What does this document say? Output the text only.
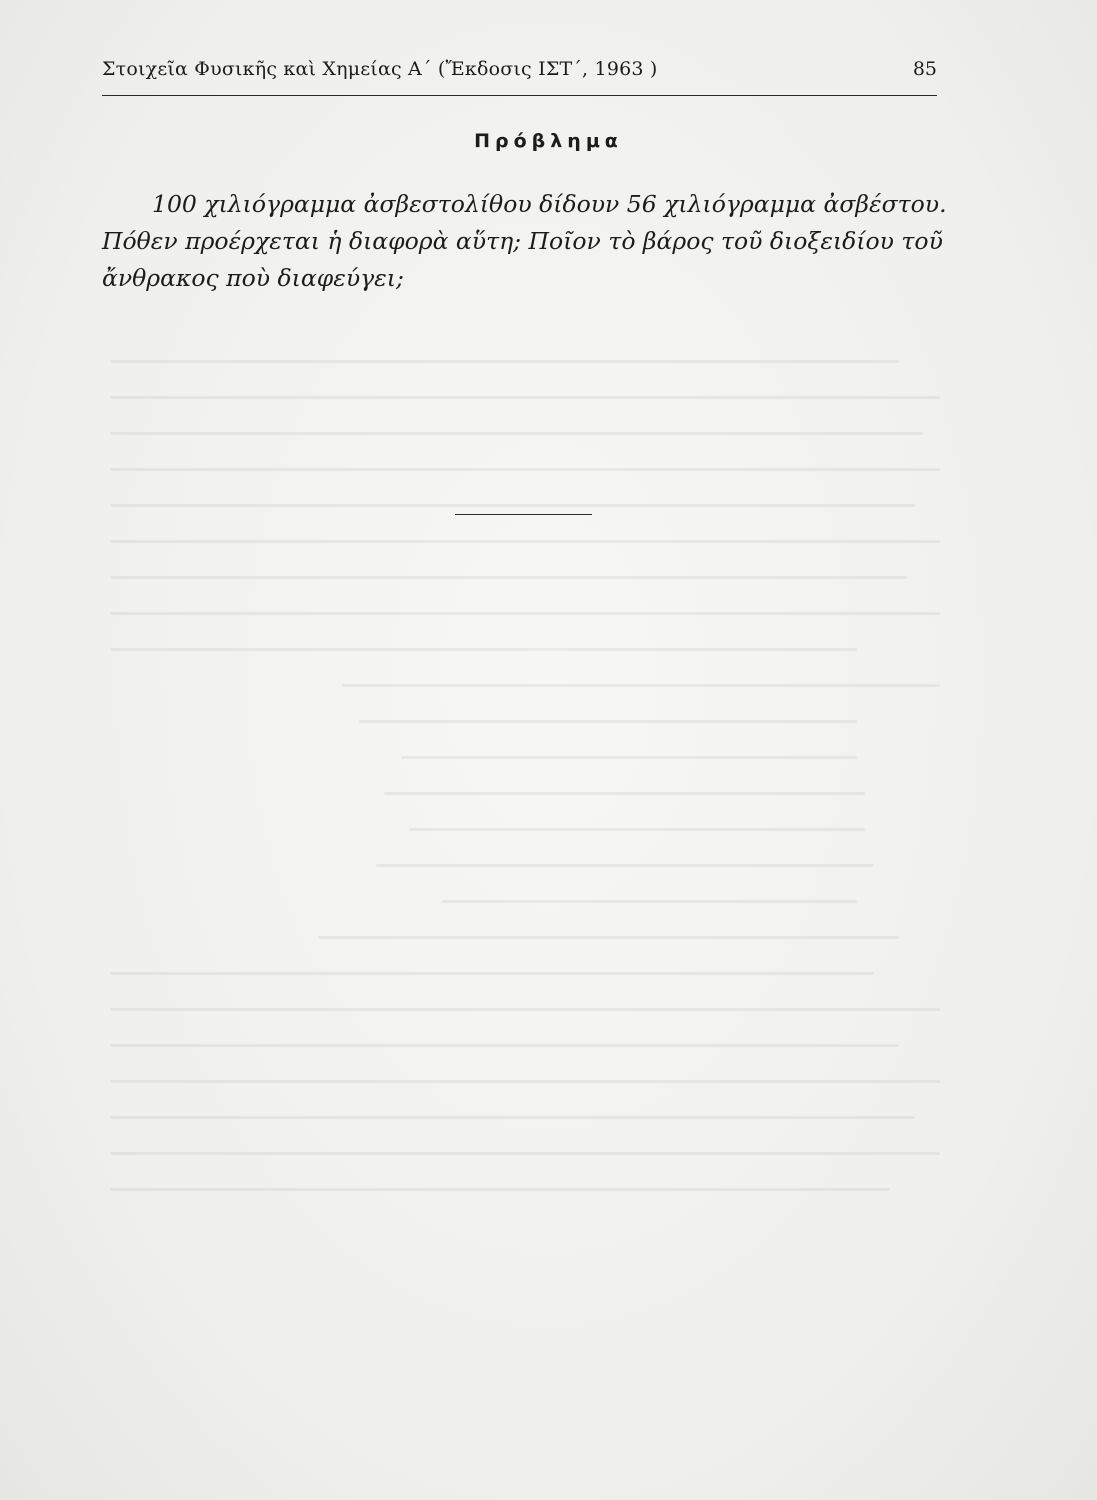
Στοιχεῖα Φυσικῆς καὶ Χημείας Α΄ (Ἔκδοσις ΙΣΤ΄, 1963 )	85
Πρόβλημα
100 χιλιόγραμμα ἀσβεστολίθου δίδουν 56 χιλιόγραμμα ἀσβέστου.
Πόθεν προέρχεται ἡ διαφορὰ αὕτη; Ποῖον τὸ βάρος τοῦ διοξειδίου τοῦ
ἄνθρακος ποὺ διαφεύγει;
